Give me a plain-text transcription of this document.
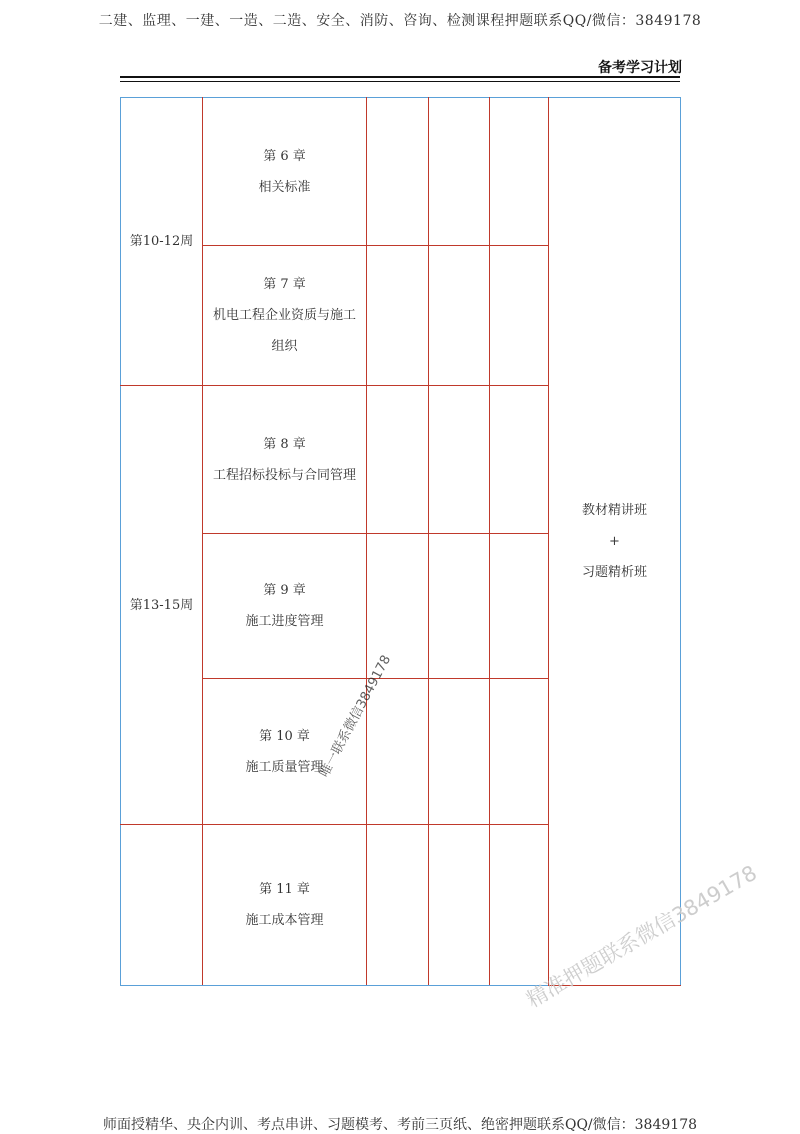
二建、监理、一建、一造、二造、安全、消防、咨询、检测课程押题联系QQ/微信：3849178
备考学习计划
第10-12周	第 6 章
相关标准				教材精讲班
+
习题精析班

	第 7 章
机电工程企业资质与施工组织				

第13-15周	第 8 章
工程招标投标与合同管理				

	第 9 章
施工进度管理				

	第 10 章
施工质量管理				

	第 11 章
施工成本管理				

唯一联系微信3849178
精准押题联系微信3849178
师面授精华、央企内训、考点串讲、习题模考、考前三页纸、绝密押题联系QQ/微信：3849178
